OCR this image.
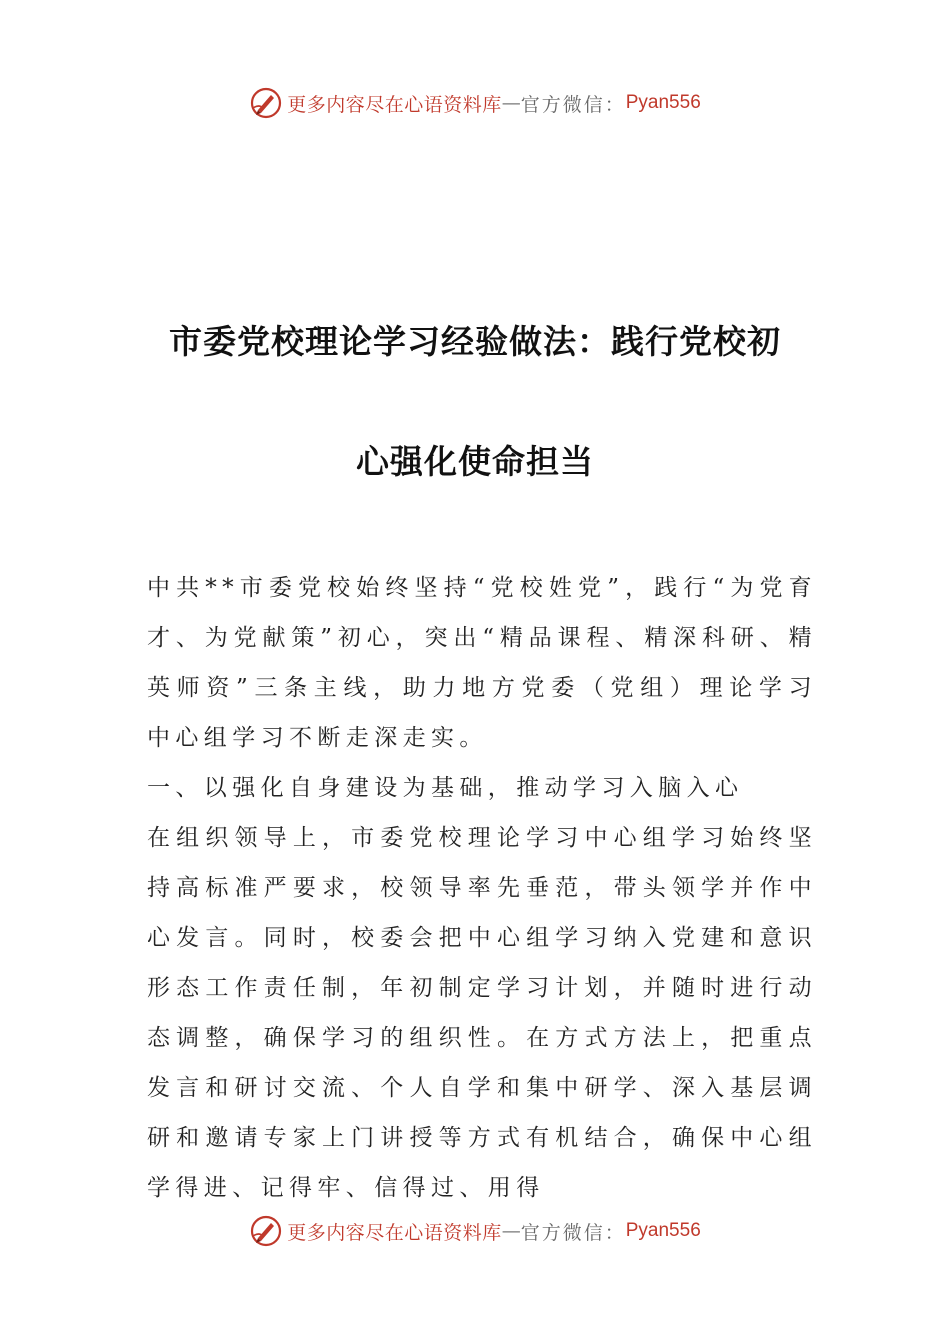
更多内容尽在心语资料库 — 官方微信： Pyan556
市委党校理论学习经验做法：践行党校初
心强化使命担当

中共**市委党校始终坚持“党校姓党”，践行“为党育才、为党献策”初心，突出“精品课程、精深科研、精英师资”三条主线，助力地方党委（党组）理论学习中心组学习不断走深走实。

一、以强化自身建设为基础，推动学习入脑入心

在组织领导上，市委党校理论学习中心组学习始终坚持高标准严要求，校领导率先垂范，带头领学并作中心发言。同时，校委会把中心组学习纳入党建和意识形态工作责任制，年初制定学习计划，并随时进行动态调整，确保学习的组织性。在方式方法上，把重点发言和研讨交流、个人自学和集中研学、深入基层调研和邀请专家上门讲授等方式有机结合，确保中心组学得进、记得牢、信得过、用得

更多内容尽在心语资料库 — 官方微信： Pyan556
